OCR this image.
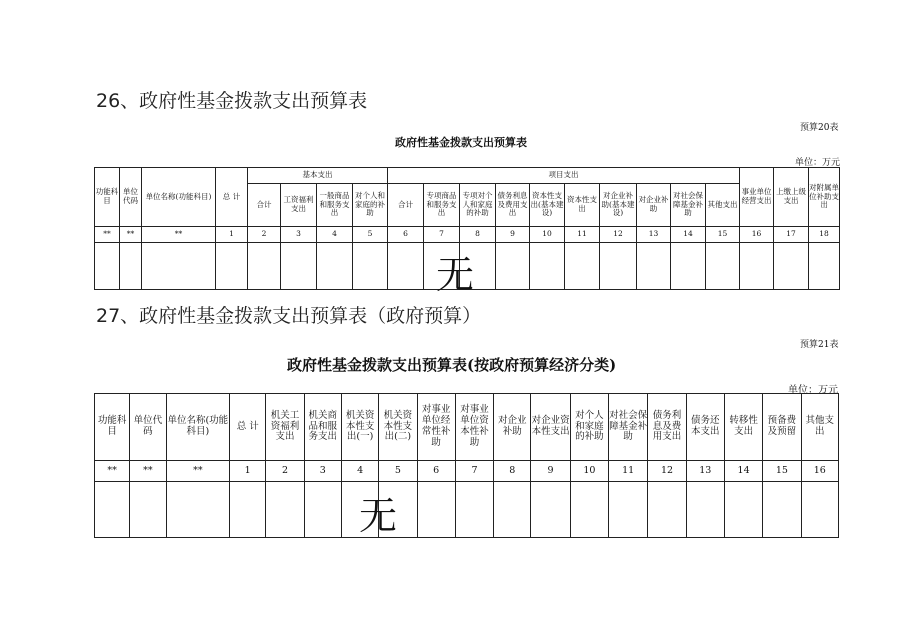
26、政府性基金拨款支出预算表
预算20表
政府性基金拨款支出预算表
单位：万元
功能科目	单位代码	单位名称(功能科目)	总 计	基本支出				项目支出										事业单位经营支出	上缴上级支出	对附属单位补助支出
				合计	工资福利支出	一般商品和服务支出	对个人和家庭的补助	合计	专项商品和服务支出	专项对个人和家庭的补助	债务利息及费用支出	资本性支出(基本建设)	资本性支出	对企业补助(基本建设)	对企业补助	对社会保障基金补助	其他支出			
**	**	**	1	2	3	4	5	6	7	8	9	10	11	12	13	14	15	16	17	18

无
27、政府性基金拨款支出预算表（政府预算）
预算21表
政府性基金拨款支出预算表(按政府预算经济分类)
单位：万元
功能科目	单位代码	单位名称(功能科目)	总 计	机关工资福利支出	机关商品和服务支出	机关资本性支出(一)	机关资本性支出(二)	对事业单位经常性补助	对事业单位资本性补助	对企业补助	对企业资本性支出	对个人和家庭的补助	对社会保障基金补助	债务利息及费用支出	债务还本支出	转移性支出	预备费及预留	其他支出
**	**	**	1	2	3	4	5	6	7	8	9	10	11	12	13	14	15	16

无
